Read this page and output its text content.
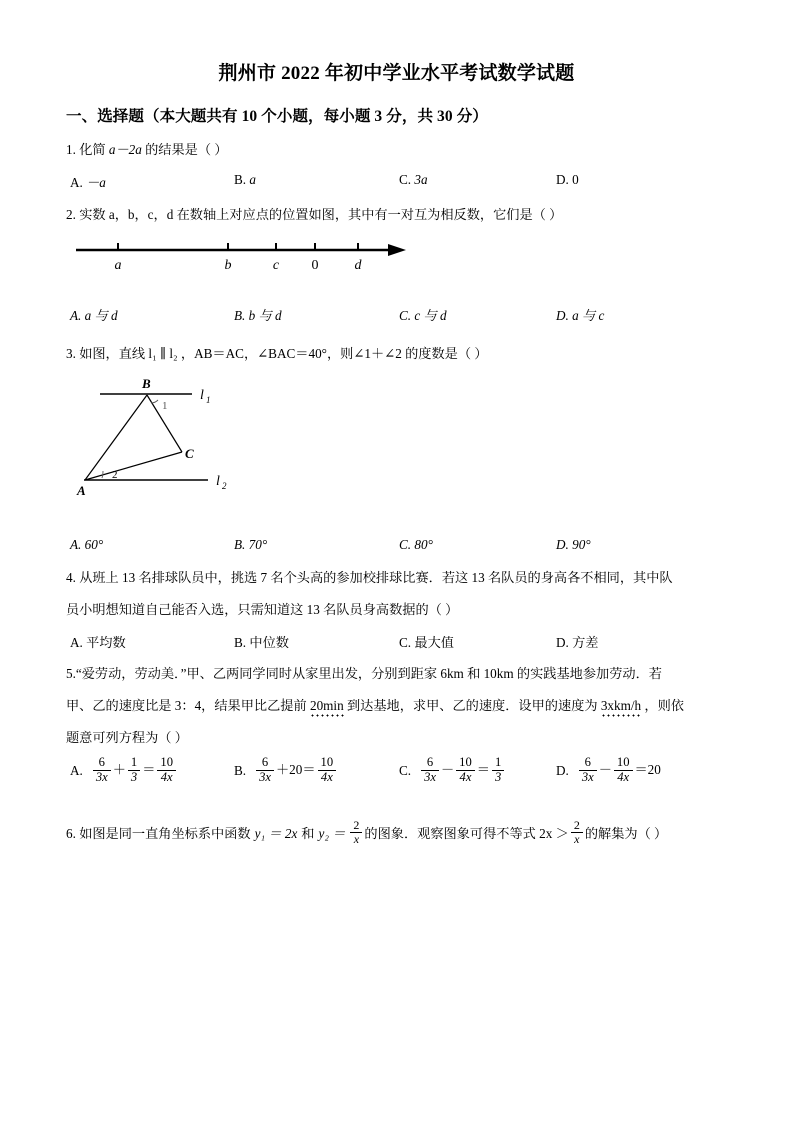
荆州市 2022 年初中学业水平考试数学试题
一、选择题（本大题共有 10 个小题，每小题 3 分，共 30 分）
1. 化简 a－2a 的结果是（ ）
A. －a	B. a	C. 3a	D. 0
2. 实数 a，b，c，d 在数轴上对应点的位置如图，其中有一对互为相反数，它们是（ ）
a	b	c 0	d
A. a 与 d	B. b 与 d	C. c 与 d	D. a 与 c
3. 如图，直线 l₁ ∥ l₂ ，AB＝AC，∠BAC＝40°，则∠1＋∠2 的度数是（ ）
B
C
A
1
2
l 1
l 2
A. 60°	B. 70°	C. 80°	D. 90°
4. 从班上 13 名排球队员中，挑选 7 名个头高的参加校排球比赛．若这 13 名队员的身高各不相同，其中队
员小明想知道自己能否入选，只需知道这 13 名队员身高数据的（ ）
A. 平均数	B. 中位数	C. 最大值	D. 方差
5.“爱劳动，劳动美．”甲、乙两同学同时从家里出发，分别到距家 6km 和 10km 的实践基地参加劳动．若
甲、乙的速度比是 3：4，结果甲比乙提前 20min 到达基地，求甲、乙的速度．设甲的速度为 3xkm/h ，则依
题意可列方程为（ ）
A. $\frac{6}{3x} + \frac{1}{3} = \frac{10}{4x}$	B. $\frac{6}{3x} +20= \frac{10}{4x}$	C. $\frac{6}{3x} - \frac{10}{4x} = \frac{1}{3}$	D. $\frac{6}{3x} - \frac{10}{4x} =20$
6. 如图是同一直角坐标系中函数 y₁ ＝ 2x 和 $y_2 = \frac{2}{x}$ 的图象．观察图象可得不等式 $2x > \frac{2}{x}$ 的解集为（ ）
